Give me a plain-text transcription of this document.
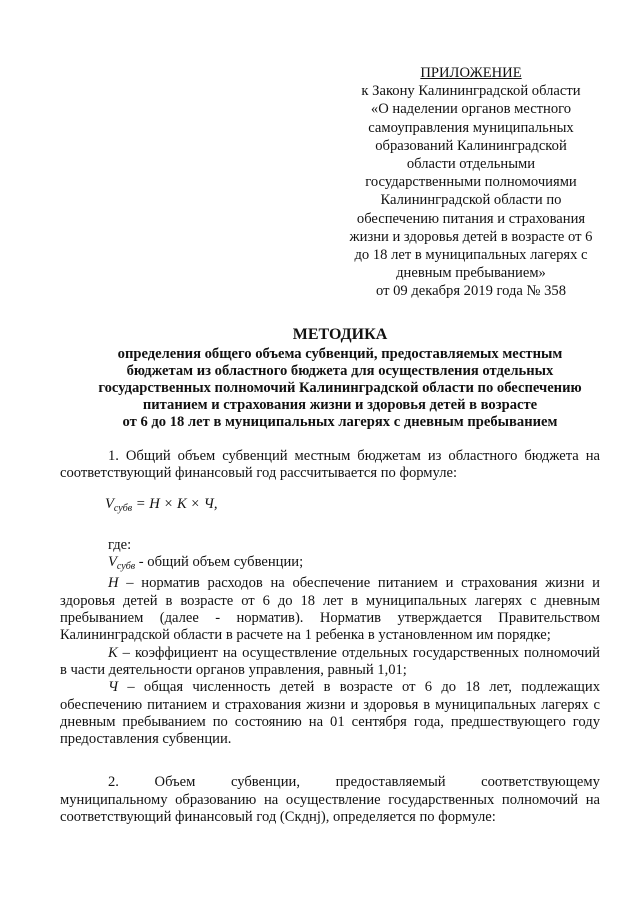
ПРИЛОЖЕНИЕ
к Закону Калининградской области
«О наделении органов местного
самоуправления муниципальных
образований Калининградской
области отдельными
государственными полномочиями
Калининградской области по
обеспечению питания и страхования
жизни и здоровья детей в возрасте от 6
до 18 лет в муниципальных лагерях с
дневным пребыванием»
от 09 декабря 2019 года № 358
МЕТОДИКА
определения общего объема субвенций, предоставляемых местным
бюджетам из областного бюджета для осуществления отдельных
государственных полномочий Калининградской области по обеспечению
питанием и страхования жизни и здоровья детей в возрасте
от 6 до 18 лет в муниципальных лагерях с дневным пребыванием

1. Общий объем субвенций местным бюджетам из областного бюджета на соответствующий финансовый год рассчитывается по формуле:

$V_{субв} = Н \times К \times Ч$,

где:

$V_{субв}$ - общий объем субвенции;

Н – норматив расходов на обеспечение питанием и страхования жизни и здоровья детей в возрасте от 6 до 18 лет в муниципальных лагерях с дневным пребыванием (далее - норматив). Норматив утверждается Правительством Калининградской области в расчете на 1 ребенка в установленном им порядке;

К – коэффициент на осуществление отдельных государственных полномочий в части деятельности органов управления, равный 1,01;

Ч – общая численность детей в возрасте от 6 до 18 лет, подлежащих обеспечению питанием и страхования жизни и здоровья в муниципальных лагерях с дневным пребыванием по состоянию на 01 сентября года, предшествующего году предоставления субвенции.

2. Объем субвенции, предоставляемый соответствующему

муниципальному образованию на осуществление государственных полномочий на соответствующий финансовый год (Скднj), определяется по формуле:
